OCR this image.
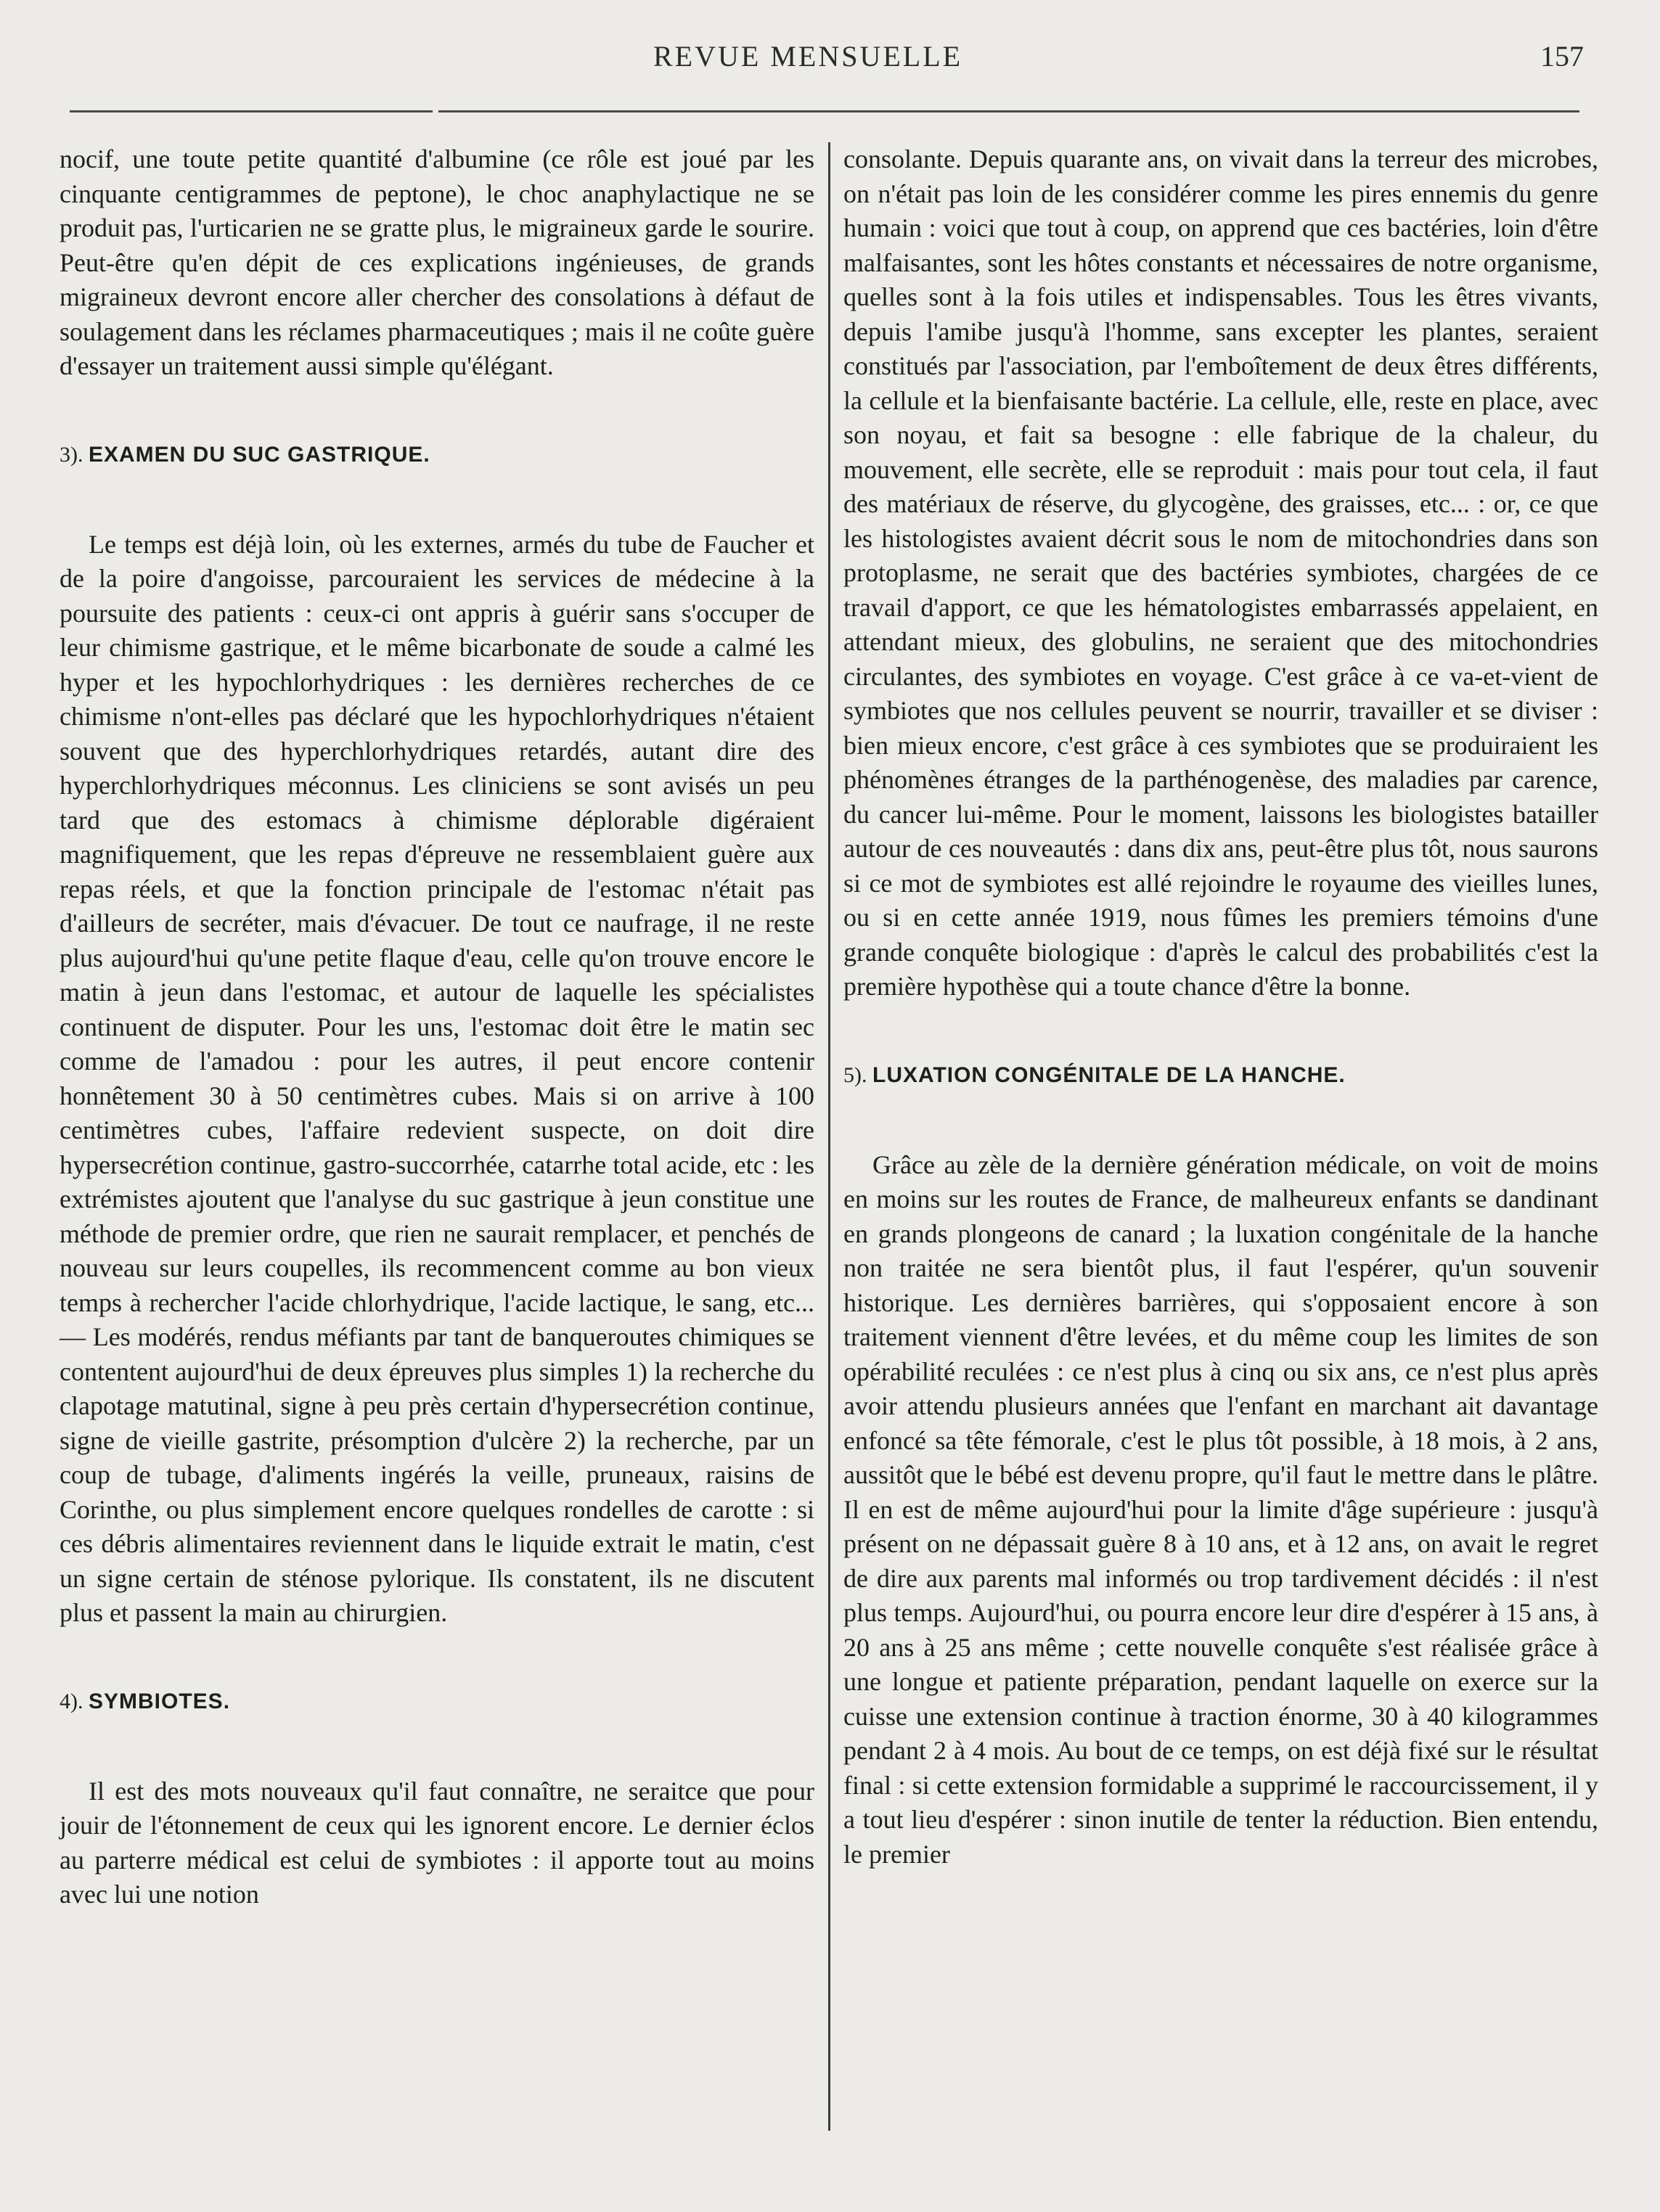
REVUE MENSUELLE	157

nocif, une toute petite quantité d'albumine (ce rôle est joué par les cinquante centigrammes de peptone), le choc anaphylactique ne se produit pas, l'urticarien ne se gratte plus, le migraineux garde le sourire. Peut-être qu'en dépit de ces explications ingénieuses, de grands migraineux devront encore aller chercher des consolations à défaut de soulagement dans les réclames pharmaceutiques ; mais il ne coûte guère d'essayer un traitement aussi simple qu'élégant.

3). EXAMEN DU SUC GASTRIQUE.

Le temps est déjà loin, où les externes, armés du tube de Faucher et de la poire d'angoisse, parcouraient les services de médecine à la poursuite des patients : ceux-ci ont appris à guérir sans s'occuper de leur chimisme gastrique, et le même bicarbonate de soude a calmé les hyper et les hypochlorhydriques : les dernières recherches de ce chimisme n'ont-elles pas déclaré que les hypochlorhydriques n'étaient souvent que des hyperchlorhydriques retardés, autant dire des hyperchlorhydriques méconnus. Les cliniciens se sont avisés un peu tard que des estomacs à chimisme déplorable digéraient magnifiquement, que les repas d'épreuve ne ressemblaient guère aux repas réels, et que la fonction principale de l'estomac n'était pas d'ailleurs de secréter, mais d'évacuer. De tout ce naufrage, il ne reste plus aujourd'hui qu'une petite flaque d'eau, celle qu'on trouve encore le matin à jeun dans l'estomac, et autour de laquelle les spécialistes continuent de disputer. Pour les uns, l'estomac doit être le matin sec comme de l'amadou : pour les autres, il peut encore contenir honnêtement 30 à 50 centimètres cubes. Mais si on arrive à 100 centimètres cubes, l'affaire redevient suspecte, on doit dire hypersecrétion continue, gastro-succorrhée, catarrhe total acide, etc : les extrémistes ajoutent que l'analyse du suc gastrique à jeun constitue une méthode de premier ordre, que rien ne saurait remplacer, et penchés de nouveau sur leurs coupelles, ils recommencent comme au bon vieux temps à rechercher l'acide chlorhydrique, l'acide lactique, le sang, etc... — Les modérés, rendus méfiants par tant de banqueroutes chimiques se contentent aujourd'hui de deux épreuves plus simples 1) la recherche du clapotage matutinal, signe à peu près certain d'hypersecrétion continue, signe de vieille gastrite, présomption d'ulcère 2) la recherche, par un coup de tubage, d'aliments ingérés la veille, pruneaux, raisins de Corinthe, ou plus simplement encore quelques rondelles de carotte : si ces débris alimentaires reviennent dans le liquide extrait le matin, c'est un signe certain de sténose pylorique. Ils constatent, ils ne discutent plus et passent la main au chirurgien.

4). SYMBIOTES.

Il est des mots nouveaux qu'il faut connaître, ne seraitce que pour jouir de l'étonnement de ceux qui les ignorent encore. Le dernier éclos au parterre médical est celui de symbiotes : il apporte tout au moins avec lui une notion

consolante. Depuis quarante ans, on vivait dans la terreur des microbes, on n'était pas loin de les considérer comme les pires ennemis du genre humain : voici que tout à coup, on apprend que ces bactéries, loin d'être malfaisantes, sont les hôtes constants et nécessaires de notre organisme, quelles sont à la fois utiles et indispensables. Tous les êtres vivants, depuis l'amibe jusqu'à l'homme, sans excepter les plantes, seraient constitués par l'association, par l'emboîtement de deux êtres différents, la cellule et la bienfaisante bactérie. La cellule, elle, reste en place, avec son noyau, et fait sa besogne : elle fabrique de la chaleur, du mouvement, elle secrète, elle se reproduit : mais pour tout cela, il faut des matériaux de réserve, du glycogène, des graisses, etc... : or, ce que les histologistes avaient décrit sous le nom de mitochondries dans son protoplasme, ne serait que des bactéries symbiotes, chargées de ce travail d'apport, ce que les hématologistes embarrassés appelaient, en attendant mieux, des globulins, ne seraient que des mitochondries circulantes, des symbiotes en voyage. C'est grâce à ce va-et-vient de symbiotes que nos cellules peuvent se nourrir, travailler et se diviser : bien mieux encore, c'est grâce à ces symbiotes que se produiraient les phénomènes étranges de la parthénogenèse, des maladies par carence, du cancer lui-même. Pour le moment, laissons les biologistes batailler autour de ces nouveautés : dans dix ans, peut-être plus tôt, nous saurons si ce mot de symbiotes est allé rejoindre le royaume des vieilles lunes, ou si en cette année 1919, nous fûmes les premiers témoins d'une grande conquête biologique : d'après le calcul des probabilités c'est la première hypothèse qui a toute chance d'être la bonne.

5). LUXATION CONGÉNITALE DE LA HANCHE.

Grâce au zèle de la dernière génération médicale, on voit de moins en moins sur les routes de France, de malheureux enfants se dandinant en grands plongeons de canard ; la luxation congénitale de la hanche non traitée ne sera bientôt plus, il faut l'espérer, qu'un souvenir historique. Les dernières barrières, qui s'opposaient encore à son traitement viennent d'être levées, et du même coup les limites de son opérabilité reculées : ce n'est plus à cinq ou six ans, ce n'est plus après avoir attendu plusieurs années que l'enfant en marchant ait davantage enfoncé sa tête fémorale, c'est le plus tôt possible, à 18 mois, à 2 ans, aussitôt que le bébé est devenu propre, qu'il faut le mettre dans le plâtre. Il en est de même aujourd'hui pour la limite d'âge supérieure : jusqu'à présent on ne dépassait guère 8 à 10 ans, et à 12 ans, on avait le regret de dire aux parents mal informés ou trop tardivement décidés : il n'est plus temps. Aujourd'hui, ou pourra encore leur dire d'espérer à 15 ans, à 20 ans à 25 ans même ; cette nouvelle conquête s'est réalisée grâce à une longue et patiente préparation, pendant laquelle on exerce sur la cuisse une extension continue à traction énorme, 30 à 40 kilogrammes pendant 2 à 4 mois. Au bout de ce temps, on est déjà fixé sur le résultat final : si cette extension formidable a supprimé le raccourcissement, il y a tout lieu d'espérer : sinon inutile de tenter la réduction. Bien entendu, le premier
